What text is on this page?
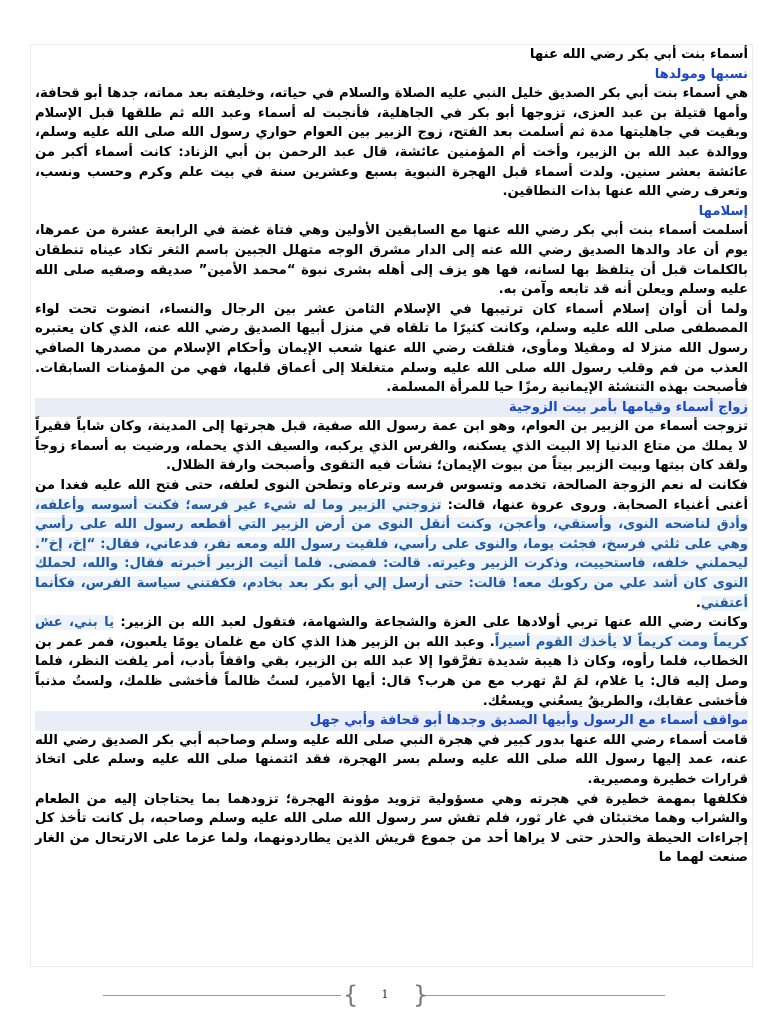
أسماء بنت أبي بكر رضي الله عنها

نسبها ومولدها

هي أسماء بنت أبي بكر الصديق خليل النبي عليه الصلاة والسلام في حياته، وخليفته بعد مماته، جدها أبو قحافة، وأمها قتيلة بن عبد العزى، تزوجها أبو بكر في الجاهلية، فأنجبت له أسماء وعبد الله ثم طلقها قبل الإسلام وبقيت في جاهليتها مدة ثم أسلمت بعد الفتح، زوج الزبير بين العوام حواري رسول الله صلى الله عليه وسلم، ووالدة عبد الله بن الزبير، وأخت أم المؤمنين عائشة، قال عبد الرحمن بن أبي الزناد: كانت أسماء أكبر من عائشة بعشر سنين. ولدت أسماء قبل الهجرة النبوية بسبع وعشرين سنة في بيت علم وكرم وحسب ونسب، وتعرف رضي الله عنها بذات النطاقين.

إسلامها

أسلمت أسماء بنت أبي بكر رضي الله عنها مع السابقين الأولين وهي فتاة غضة في الرابعة عشرة من عمرها، يوم أن عاد والدها الصديق رضي الله عنه إلى الدار مشرق الوجه متهلل الجبين باسم الثغر تكاد عيناه تنطقان بالكلمات قبل أن يتلفظ بها لسانه، فها هو يزف إلى أهله بشرى نبوة “محمد الأمين” صديقه وصفيه صلى الله عليه وسلم ويعلن أنه قد تابعه وآمن به.

ولما أن أوان إسلام أسماء كان ترتيبها في الإسلام الثامن عشر بين الرجال والنساء، انضوت تحت لواء المصطفى صلى الله عليه وسلم، وكانت كثيرًا ما تلقاه في منزل أبيها الصديق رضي الله عنه، الذي كان يعتبره رسول الله منزلا له ومقيلا ومأوى، فتلقت رضي الله عنها شعب الإيمان وأحكام الإسلام من مصدرها الصافي العذب من فم وقلب رسول الله صلى الله عليه وسلم متغلغلا إلى أعماق قلبها، فهي من المؤمنات السابقات. فأصبحت بهذه التنشئة الإيمانية رمزًا حيا للمرأة المسلمة.

زواج أسماء وقيامها بأمر بيت الزوجية

تزوجت أسماء من الزبير بن العوام، وهو ابن عمة رسول الله صفية، قبل هجرتها إلى المدينة، وكان شاباً فقيراً لا يملك من متاع الدنيا إلا البيت الذي يسكنه، والفرس الذي يركبه، والسيف الذي يحمله، ورضيت به أسماء زوجاً ولقد كان بيتها وبيت الزبير بيتاً من بيوت الإيمان؛ نشأت فيه التقوى وأصبحت وارفة الظلال.

فكانت له نعم الزوجة الصالحة، تخدمه وتسوس فرسه وترعاه وتطحن النوى لعلفه، حتى فتح الله عليه فغدا من أغنى أغنياء الصحابة. وروى عروة عنها، قالت: تزوجني الزبير وما له شيء غير فرسه؛ فكنت أسوسه وأعلفه، وأدق لناضحه النوى، وأستقي، وأعجن، وكنت أنقل النوى من أرض الزبير التي أقطعه رسول الله على رأسي وهي على ثلثي فرسخ، فجئت يوما، والنوى على رأسي، فلقيت رسول الله ومعه نفر، فدعاني، فقال: “إخ، إخ”. ليحملني خلفه، فاستحييت، وذكرت الزبير وغيرته. قالت: فمضى. فلما أتيت الزبير أخبرته فقال: والله، لحملك النوى كان أشد علي من ركوبك معه! قالت: حتى أرسل إلي أبو بكر بعد بخادم، فكفتني سياسة الفرس، فكأنما أعتقني.

وكانت رضي الله عنها تربي أولادها على العزة والشجاعة والشهامة، فتقول لعبد الله بن الزبير: يا بني، عش كريماً ومت كريماً لا يأخذك القوم أسيراً. وعبد الله بن الزبير هذا الذي كان مع غلمان يومًا يلعبون، فمر عمر بن الخطاب، فلما رأوه، وكان ذا هيبة شديدة تفرَّقوا إلا عبد الله بن الزبير، بقي واقفاً بأدب، أمر يلفت النظر، فلما وصل إليه قال: يا غلام، لمَ لمْ تهرب مع من هرب؟ قال: أيها الأمير، لستُ ظالماً فأخشى ظلمك، ولستُ مذنباً فأخشى عقابك، والطريقُ يسعُني ويسعُك.

مواقف أسماء مع الرسول وأبيها الصديق وجدها أبو قحافة وأبي جهل

قامت أسماء رضي الله عنها بدور كبير في هجرة النبي صلى الله عليه وسلم وصاحبه أبي بكر الصديق رضي الله عنه، عمد إليها رسول الله صلى الله عليه وسلم بسر الهجرة، فقد ائتمنها صلى الله عليه وسلم على اتخاذ قرارات خطيرة ومصيرية.

فكلفها بمهمة خطيرة في هجرته وهي مسؤولية تزويد مؤونة الهجرة؛ تزودهما بما يحتاجان إليه من الطعام والشراب وهما مختبئان في غار ثور، فلم تفش سر رسول الله صلى الله عليه وسلم وصاحبه، بل كانت تأخذ كل إجراءات الحيطة والحذر حتى لا يراها أحد من جموع قريش الذين يطاردونهما، ولما عزما على الارتحال من الغار صنعت لهما ما

{	1	}
